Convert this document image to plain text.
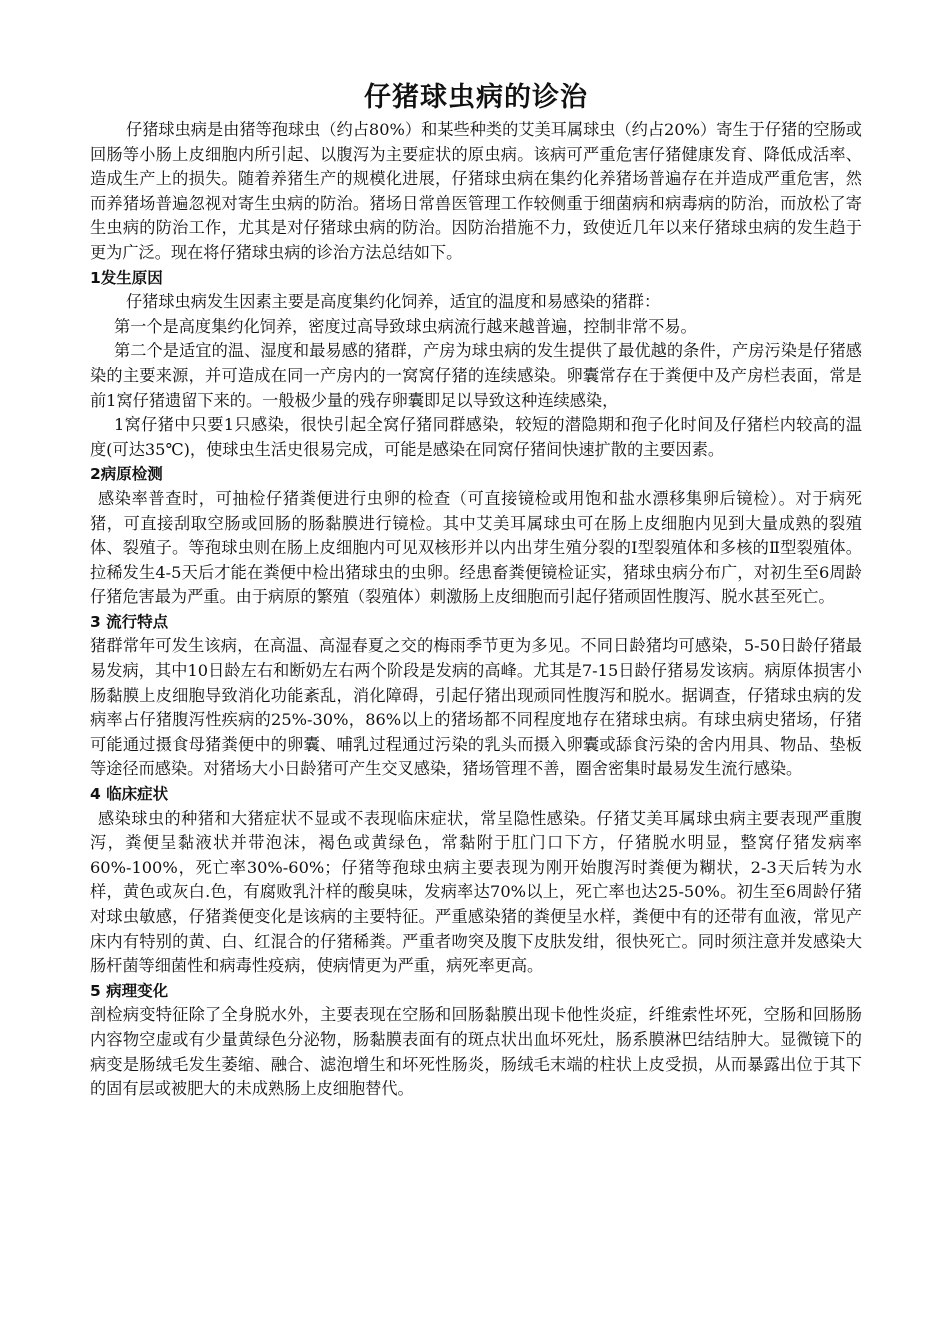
仔猪球虫病的诊治

仔猪球虫病是由猪等孢球虫（约占80%）和某些种类的艾美耳属球虫（约占20%）寄生于仔猪的空肠或回肠等小肠上皮细胞内所引起、以腹泻为主要症状的原虫病。该病可严重危害仔猪健康发育、降低成活率、造成生产上的损失。随着养猪生产的规模化进展，仔猪球虫病在集约化养猪场普遍存在并造成严重危害，然而养猪场普遍忽视对寄生虫病的防治。猪场日常兽医管理工作较侧重于细菌病和病毒病的防治，而放松了寄生虫病的防治工作，尤其是对仔猪球虫病的防治。因防治措施不力，致使近几年以来仔猪球虫病的发生趋于更为广泛。现在将仔猪球虫病的诊治方法总结如下。

1发生原因

仔猪球虫病发生因素主要是高度集约化饲养，适宜的温度和易感染的猪群：

第一个是高度集约化饲养，密度过高导致球虫病流行越来越普遍，控制非常不易。

第二个是适宜的温、湿度和最易感的猪群，产房为球虫病的发生提供了最优越的条件，产房污染是仔猪感染的主要来源，并可造成在同一产房内的一窝窝仔猪的连续感染。卵囊常存在于粪便中及产房栏表面，常是前1窝仔猪遗留下来的。一般极少量的残存卵囊即足以导致这种连续感染，

1窝仔猪中只要1只感染，很快引起全窝仔猪同群感染，较短的潜隐期和孢子化时间及仔猪栏内较高的温度(可达35℃)，使球虫生活史很易完成，可能是感染在同窝仔猪间快速扩散的主要因素。

2病原检测

感染率普查时，可抽检仔猪粪便进行虫卵的检查（可直接镜检或用饱和盐水漂移集卵后镜检）。对于病死猪，可直接刮取空肠或回肠的肠黏膜进行镜检。其中艾美耳属球虫可在肠上皮细胞内见到大量成熟的裂殖体、裂殖子。等孢球虫则在肠上皮细胞内可见双核形并以内出芽生殖分裂的Ⅰ型裂殖体和多核的Ⅱ型裂殖体。拉稀发生4-5天后才能在粪便中检出猪球虫的虫卵。经患畜粪便镜检证实，猪球虫病分布广，对初生至6周龄仔猪危害最为严重。由于病原的繁殖（裂殖体）刺激肠上皮细胞而引起仔猪顽固性腹泻、脱水甚至死亡。

3 流行特点

猪群常年可发生该病，在高温、高湿春夏之交的梅雨季节更为多见。不同日龄猪均可感染，5-50日龄仔猪最易发病，其中10日龄左右和断奶左右两个阶段是发病的高峰。尤其是7-15日龄仔猪易发该病。病原体损害小肠黏膜上皮细胞导致消化功能紊乱，消化障碍，引起仔猪出现顽同性腹泻和脱水。据调查，仔猪球虫病的发病率占仔猪腹泻性疾病的25%-30%，86%以上的猪场都不同程度地存在猪球虫病。有球虫病史猪场，仔猪可能通过摄食母猪粪便中的卵囊、哺乳过程通过污染的乳头而摄入卵囊或舔食污染的舍内用具、物品、垫板等途径而感染。对猪场大小日龄猪可产生交叉感染，猪场管理不善，圈舍密集时最易发生流行感染。

4 临床症状

感染球虫的种猪和大猪症状不显或不表现临床症状，常呈隐性感染。仔猪艾美耳属球虫病主要表现严重腹泻，粪便呈黏液状并带泡沫，褐色或黄绿色，常黏附于肛门口下方，仔猪脱水明显，整窝仔猪发病率60%-100%，死亡率30%-60%；仔猪等孢球虫病主要表现为刚开始腹泻时粪便为糊状，2-3天后转为水样，黄色或灰白.色，有腐败乳汁样的酸臭味，发病率达70%以上，死亡率也达25-50%。初生至6周龄仔猪对球虫敏感，仔猪粪便变化是该病的主要特征。严重感染猪的粪便呈水样，粪便中有的还带有血液，常见产床内有特别的黄、白、红混合的仔猪稀粪。严重者吻突及腹下皮肤发绀，很快死亡。同时须注意并发感染大肠杆菌等细菌性和病毒性疫病，使病情更为严重，病死率更高。

5 病理变化

剖检病变特征除了全身脱水外，主要表现在空肠和回肠黏膜出现卡他性炎症，纤维索性坏死，空肠和回肠肠内容物空虚或有少量黄绿色分泌物，肠黏膜表面有的斑点状出血坏死灶，肠系膜淋巴结结肿大。显微镜下的病变是肠绒毛发生萎缩、融合、滤泡增生和坏死性肠炎，肠绒毛末端的柱状上皮受损，从而暴露出位于其下的固有层或被肥大的未成熟肠上皮细胞替代。
